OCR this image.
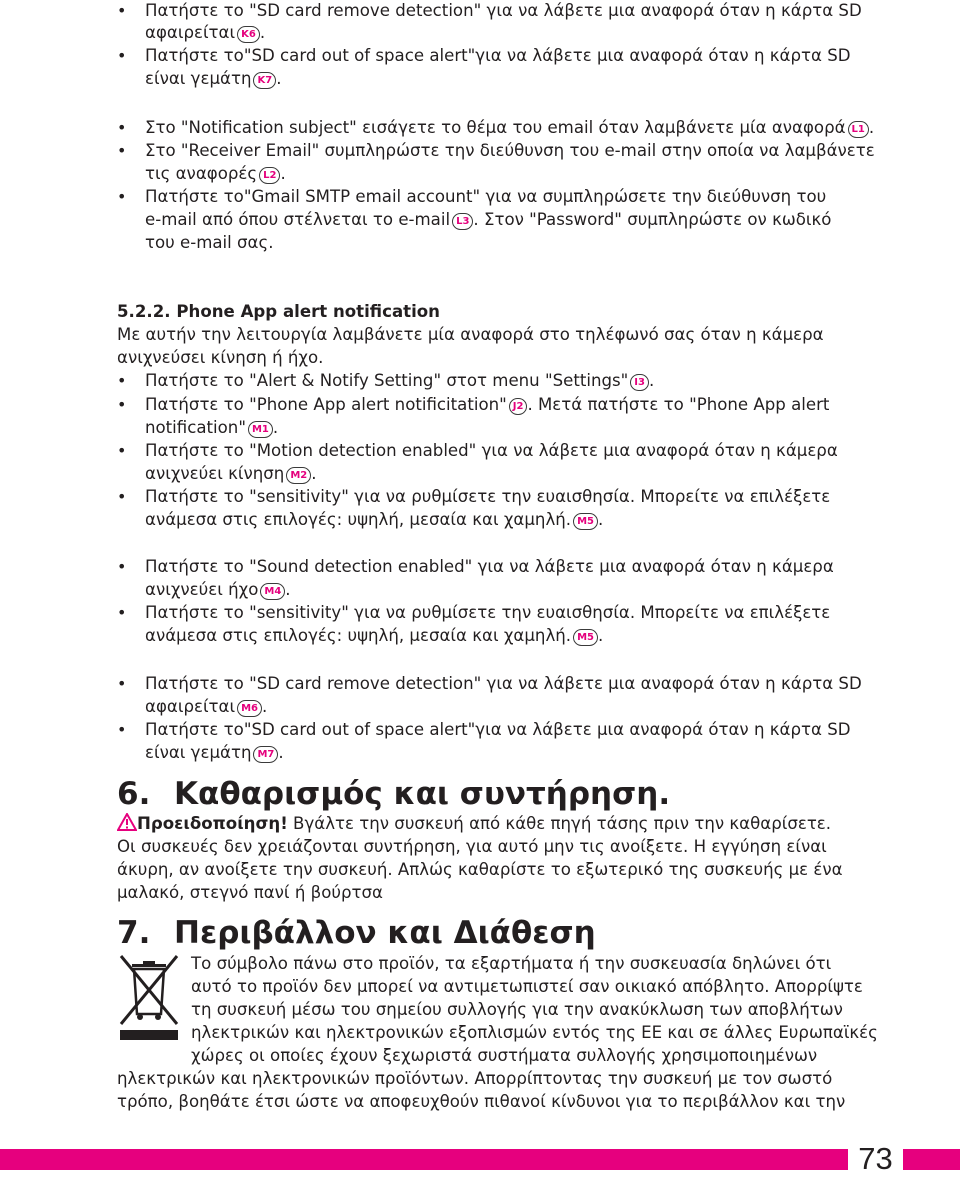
• Πατήστε το "SD card remove detection" για να λάβετε μια αναφορά όταν η κάρτα SD
αφαιρείται K6 .
• Πατήστε το"SD card out of space alert"για να λάβετε μια αναφορά όταν η κάρτα SD
είναι γεμάτη K7 .
• Στο "Notification subject" εισάγετε το θέμα του email όταν λαμβάνετε μία αναφορά L1 .
• Στο "Receiver Email" συμπληρώστε την διεύθυνση του e-mail στην οποία να λαμβάνετε
τις αναφορές L2 .
• Πατήστε το"Gmail SMTP email account" για να συμπληρώσετε την διεύθυνση του
e-mail από όπου στέλνεται το e-mail L3 . Στον "Password" συμπληρώστε ον κωδικό
του e-mail σας.
5.2.2. Phone App alert notification
Με αυτήν την λειτουργία λαμβάνετε μία αναφορά στο τηλέφωνό σας όταν η κάμερα
ανιχνεύσει κίνηση ή ήχο.
• Πατήστε το "Alert & Notify Setting" στοτ menu "Settings" I3 .
• Πατήστε το "Phone App alert notificitation" J2 . Μετά πατήστε το "Phone App alert
notification" M1 .
• Πατήστε το "Motion detection enabled" για να λάβετε μια αναφορά όταν η κάμερα
ανιχνεύει κίνηση M2 .
• Πατήστε το "sensitivity" για να ρυθμίσετε την ευαισθησία. Μπορείτε να επιλέξετε
ανάμεσα στις επιλογές: υψηλή, μεσαία και χαμηλή. M5 .
• Πατήστε το "Sound detection enabled" για να λάβετε μια αναφορά όταν η κάμερα
ανιχνεύει ήχο M4 .
• Πατήστε το "sensitivity" για να ρυθμίσετε την ευαισθησία. Μπορείτε να επιλέξετε
ανάμεσα στις επιλογές: υψηλή, μεσαία και χαμηλή. M5 .
• Πατήστε το "SD card remove detection" για να λάβετε μια αναφορά όταν η κάρτα SD
αφαιρείται M6 .
• Πατήστε το"SD card out of space alert"για να λάβετε μια αναφορά όταν η κάρτα SD
είναι γεμάτη M7 .
6. Καθαρισμός και συντήρηση.
Προειδοποίηση! Βγάλτε την συσκευή από κάθε πηγή τάσης πριν την καθαρίσετε.
Οι συσκευές δεν χρειάζονται συντήρηση, για αυτό μην τις ανοίξετε. Η εγγύηση είναι
άκυρη, αν ανοίξετε την συσκευή. Απλώς καθαρίστε το εξωτερικό της συσκευής με ένα
μαλακό, στεγνό πανί ή βούρτσα
7. Περιβάλλον και Διάθεση
Το σύμβολο πάνω στο προϊόν, τα εξαρτήματα ή την συσκευασία δηλώνει ότι
αυτό το προϊόν δεν μπορεί να αντιμετωπιστεί σαν οικιακό απόβλητο. Απορρίψτε
τη συσκευή μέσω του σημείου συλλογής για την ανακύκλωση των αποβλήτων
ηλεκτρικών και ηλεκτρονικών εξοπλισμών εντός της ΕΕ και σε άλλες Ευρωπαϊκές
χώρες οι οποίες έχουν ξεχωριστά συστήματα συλλογής χρησιμοποιημένων
ηλεκτρικών και ηλεκτρονικών προϊόντων. Απορρίπτοντας την συσκευή με τον σωστό
τρόπο, βοηθάτε έτσι ώστε να αποφευχθούν πιθανοί κίνδυνοι για το περιβάλλον και την
73
